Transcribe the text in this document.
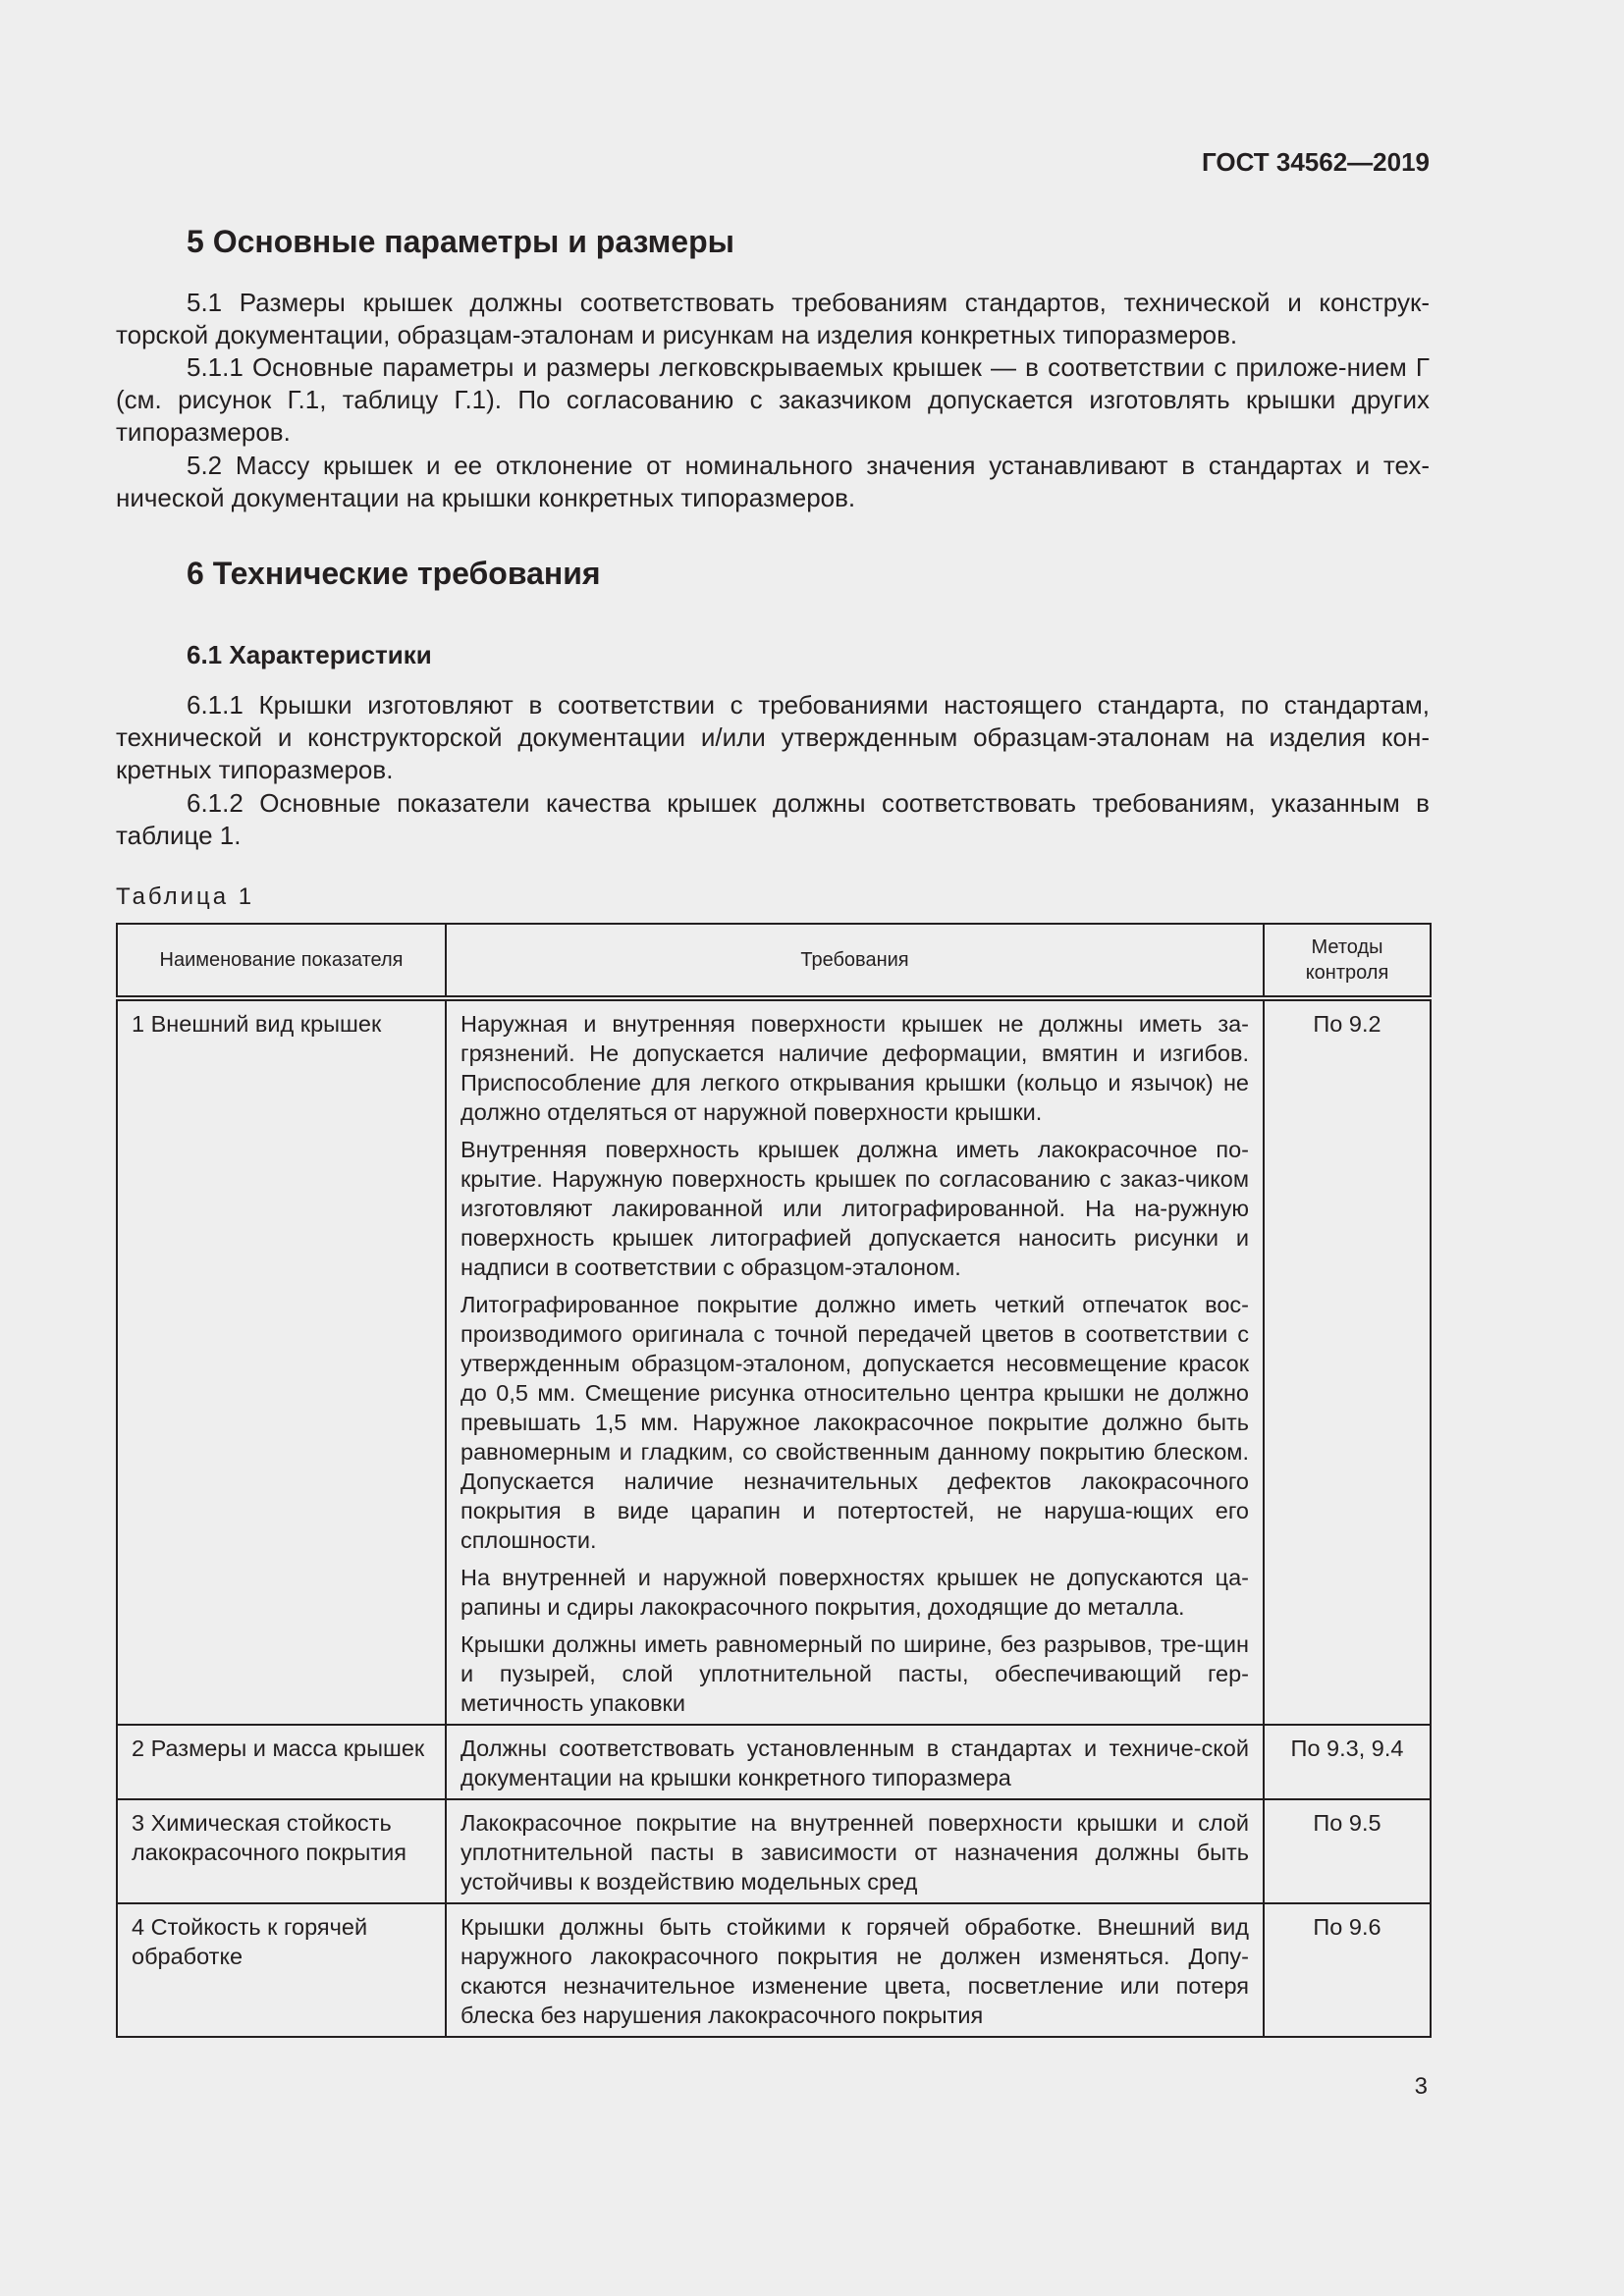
ГОСТ 34562—2019
5 Основные параметры и размеры

5.1 Размеры крышек должны соответствовать требованиям стандартов, технической и конструк-торской документации, образцам-эталонам и рисункам на изделия конкретных типоразмеров.

5.1.1 Основные параметры и размеры легковскрываемых крышек — в соответствии с приложе-нием Г (см. рисунок Г.1, таблицу Г.1). По согласованию с заказчиком допускается изготовлять крышки других типоразмеров.

5.2 Массу крышек и ее отклонение от номинального значения устанавливают в стандартах и тех-нической документации на крышки конкретных типоразмеров.

6 Технические требования
6.1 Характеристики

6.1.1 Крышки изготовляют в соответствии с требованиями настоящего стандарта, по стандартам, технической и конструкторской документации и/или утвержденным образцам-эталонам на изделия кон-кретных типоразмеров.

6.1.2 Основные показатели качества крышек должны соответствовать требованиям, указанным в таблице 1.

Таблица 1
Наименование показателя	Требования	Методы контроля
1 Внешний вид крышек	Наружная и внутренняя поверхности крышек не должны иметь за-грязнений. Не допускается наличие деформации, вмятин и изгибов. Приспособление для легкого открывания крышки (кольцо и язычок) не должно отделяться от наружной поверхности крышки.

Внутренняя поверхность крышек должна иметь лакокрасочное по-крытие. Наружную поверхность крышек по согласованию с заказ-чиком изготовляют лакированной или литографированной. На на-ружную поверхность крышек литографией допускается наносить рисунки и надписи в соответствии с образцом-эталоном.

Литографированное покрытие должно иметь четкий отпечаток вос-производимого оригинала с точной передачей цветов в соответствии с утвержденным образцом-эталоном, допускается несовмещение красок до 0,5 мм. Смещение рисунка относительно центра крышки не должно превышать 1,5 мм. Наружное лакокрасочное покрытие должно быть равномерным и гладким, со свойственным данному покрытию блеском. Допускается наличие незначительных дефектов лакокрасочного покрытия в виде царапин и потертостей, не наруша-ющих его сплошности.

На внутренней и наружной поверхностях крышек не допускаются ца-рапины и сдиры лакокрасочного покрытия, доходящие до металла.

Крышки должны иметь равномерный по ширине, без разрывов, тре-щин и пузырей, слой уплотнительной пасты, обеспечивающий гер-метичность упаковки	По 9.2
2 Размеры и масса крышек	Должны соответствовать установленным в стандартах и техниче-ской документации на крышки конкретного типоразмера	По 9.3, 9.4
3 Химическая стойкость лакокрасочного покрытия	Лакокрасочное покрытие на внутренней поверхности крышки и слой уплотнительной пасты в зависимости от назначения должны быть устойчивы к воздействию модельных сред	По 9.5
4 Стойкость к горячей обработке	Крышки должны быть стойкими к горячей обработке. Внешний вид наружного лакокрасочного покрытия не должен изменяться. Допу-скаются незначительное изменение цвета, посветление или потеря блеска без нарушения лакокрасочного покрытия	По 9.6
3
